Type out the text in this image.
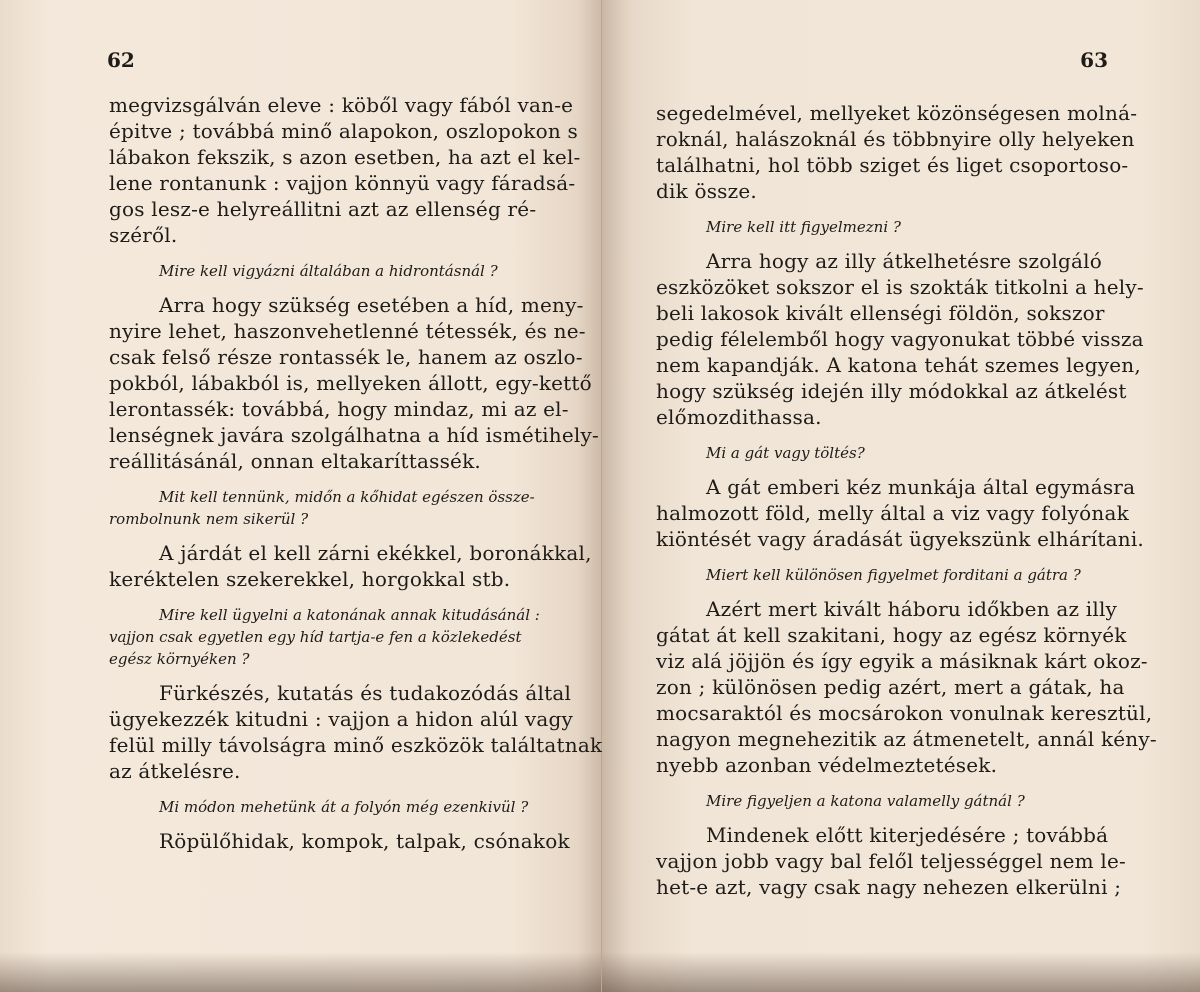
62
megvizsgálván eleve : köből vagy fából van-e
épitve ; továbbá minő alapokon, oszlopokon s
lábakon fekszik, s azon esetben, ha azt el kel-
lene rontanunk : vajjon könnyü vagy fáradsá-
gos lesz-e helyreállitni azt az ellenség ré-
széről.
Mire kell vigyázni általában a hidrontásnál ?
Arra hogy szükség esetében a híd, meny-
nyire lehet, haszonvehetlenné tétessék, és ne-
csak felső része rontassék le, hanem az oszlo-
pokból, lábakból is, mellyeken állott, egy-kettő
lerontassék: továbbá, hogy mindaz, mi az el-
lenségnek javára szolgálhatna a híd ismétihely-
reállitásánál, onnan eltakaríttassék.
Mit kell tennünk, midőn a kőhidat egészen össze-
rombolnunk nem sikerül ?
A járdát el kell zárni ekékkel, boronákkal,
keréktelen szekerekkel, horgokkal stb.
Mire kell ügyelni a katonának annak kitudásánál :
vajjon csak egyetlen egy híd tartja-e fen a közlekedést
egész környéken ?
Fürkészés, kutatás és tudakozódás által
ügyekezzék kitudni : vajjon a hidon alúl vagy
felül milly távolságra minő eszközök találtatnak
az átkelésre.
Mi módon mehetünk át a folyón még ezenkivül ?
Röpülőhidak, kompok, talpak, csónakok
63
segedelmével, mellyeket közönségesen molná-
roknál, halászoknál és többnyire olly helyeken
találhatni, hol több sziget és liget csoportoso-
dik össze.
Mire kell itt figyelmezni ?
Arra hogy az illy átkelhetésre szolgáló
eszközöket sokszor el is szokták titkolni a hely-
beli lakosok kivált ellenségi földön, sokszor
pedig félelemből hogy vagyonukat többé vissza
nem kapandják. A katona tehát szemes legyen,
hogy szükség idején illy módokkal az átkelést
előmozdithassa.
Mi a gát vagy töltés?
A gát emberi kéz munkája által egymásra
halmozott föld, melly által a viz vagy folyónak
kiöntését vagy áradását ügyekszünk elhárítani.
Miert kell különösen figyelmet forditani a gátra ?
Azért mert kivált háboru időkben az illy
gátat át kell szakitani, hogy az egész környék
viz alá jöjjön és így egyik a másiknak kárt okoz-
zon ; különösen pedig azért, mert a gátak, ha
mocsaraktól és mocsárokon vonulnak keresztül,
nagyon megnehezitik az átmenetelt, annál kény-
nyebb azonban védelmeztetések.
Mire figyeljen a katona valamelly gátnál ?
Mindenek előtt kiterjedésére ; továbbá
vajjon jobb vagy bal felől teljességgel nem le-
het-e azt, vagy csak nagy nehezen elkerülni ;
